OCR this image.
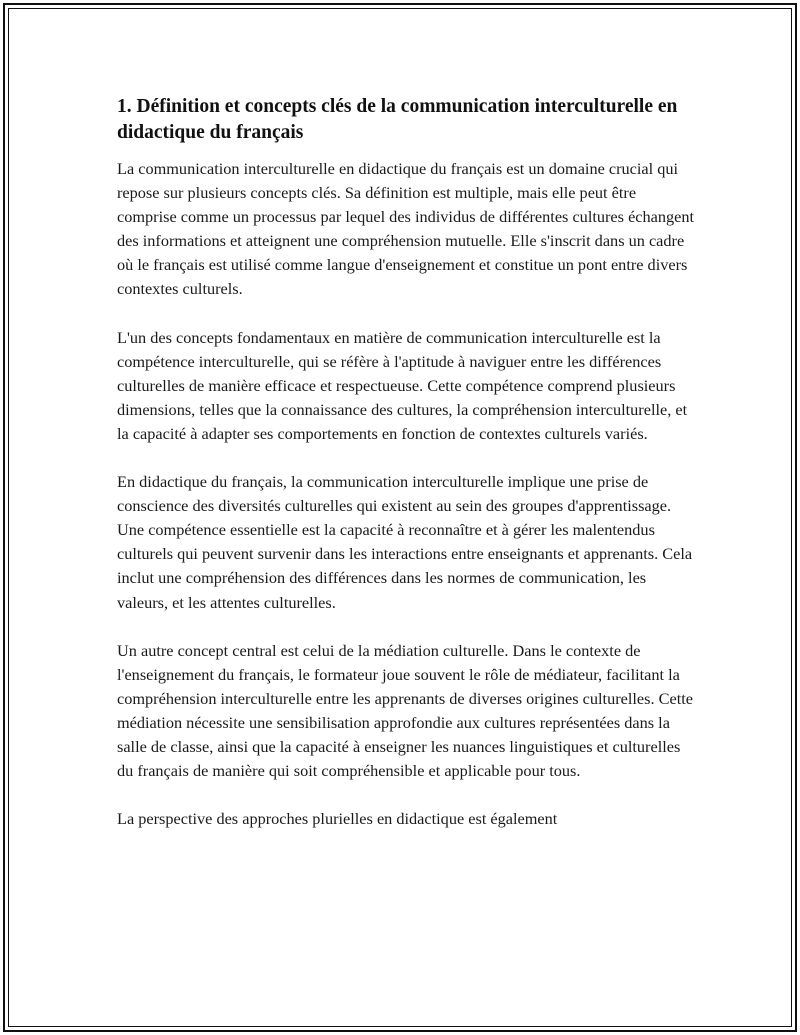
1. Définition et concepts clés de la communication interculturelle en didactique du français

La communication interculturelle en didactique du français est un domaine crucial qui repose sur plusieurs concepts clés. Sa définition est multiple, mais elle peut être comprise comme un processus par lequel des individus de différentes cultures échangent des informations et atteignent une compréhension mutuelle. Elle s'inscrit dans un cadre où le français est utilisé comme langue d'enseignement et constitue un pont entre divers contextes culturels.

L'un des concepts fondamentaux en matière de communication interculturelle est la compétence interculturelle, qui se réfère à l'aptitude à naviguer entre les différences culturelles de manière efficace et respectueuse. Cette compétence comprend plusieurs dimensions, telles que la connaissance des cultures, la compréhension interculturelle, et la capacité à adapter ses comportements en fonction de contextes culturels variés.

En didactique du français, la communication interculturelle implique une prise de conscience des diversités culturelles qui existent au sein des groupes d'apprentissage. Une compétence essentielle est la capacité à reconnaître et à gérer les malentendus culturels qui peuvent survenir dans les interactions entre enseignants et apprenants. Cela inclut une compréhension des différences dans les normes de communication, les valeurs, et les attentes culturelles.

Un autre concept central est celui de la médiation culturelle. Dans le contexte de l'enseignement du français, le formateur joue souvent le rôle de médiateur, facilitant la compréhension interculturelle entre les apprenants de diverses origines culturelles. Cette médiation nécessite une sensibilisation approfondie aux cultures représentées dans la salle de classe, ainsi que la capacité à enseigner les nuances linguistiques et culturelles du français de manière qui soit compréhensible et applicable pour tous.

La perspective des approches plurielles en didactique est également
